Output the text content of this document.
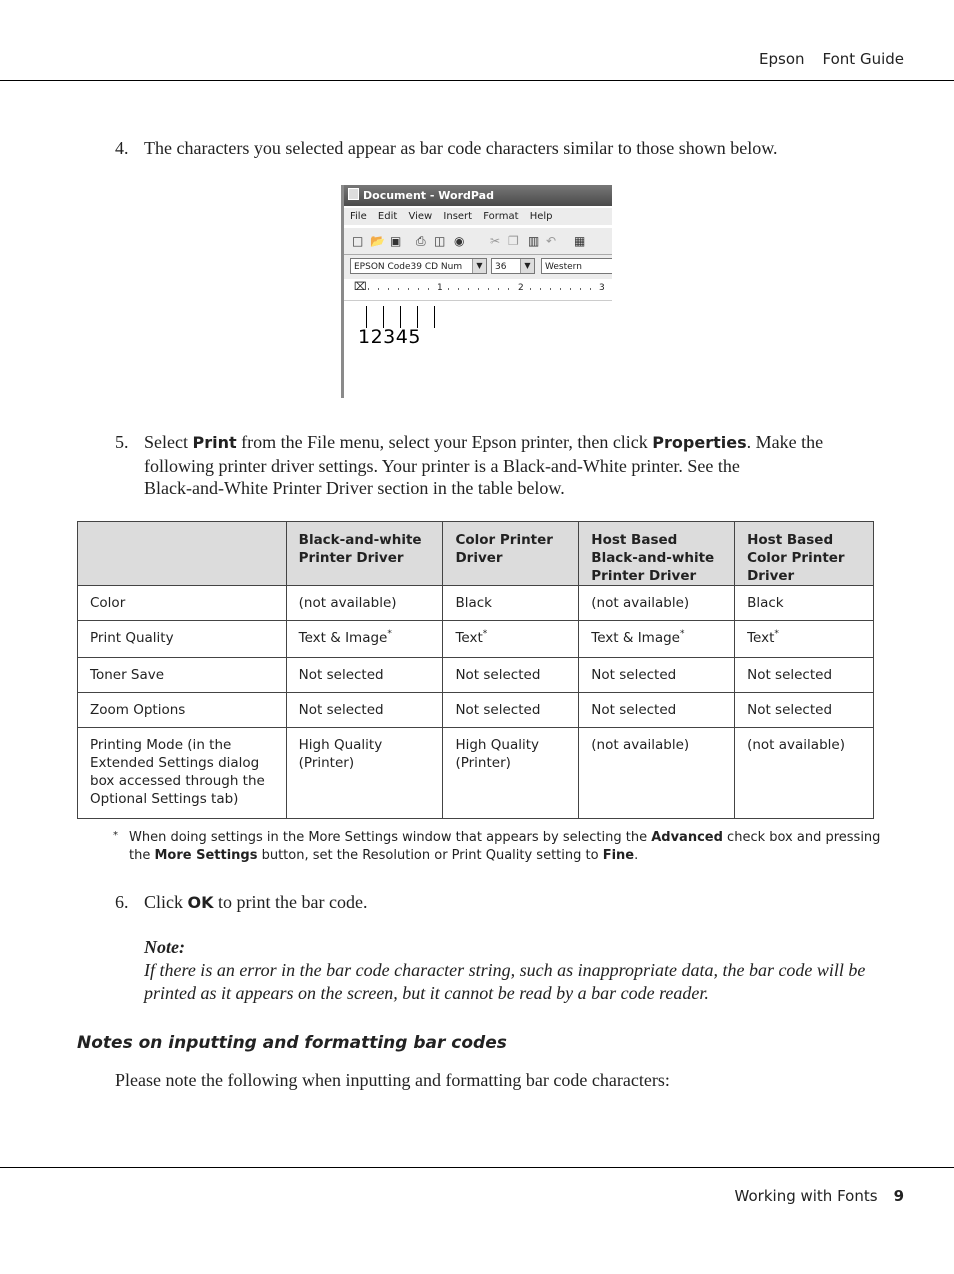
Epson Font Guide
4. The characters you selected appear as bar code characters similar to those shown below.
Document - WordPad
File Edit View Insert Format Help
□ 📂 ▣ ⎙ ◫ ◉ ✂ ❐ ▥ ↶ ▦
EPSON Code39 CD Num	▼	36	▼	Western
⌧	1	2	3
12345
5. Select Print from the File menu, select your Epson printer, then click Properties. Make the
following printer driver settings. Your printer is a Black-and-White printer. See the
Black-and-White Printer Driver section in the table below.
	Black-and-white Printer Driver	Color Printer Driver	Host Based Black-and-white Printer Driver	Host Based Color Printer Driver
Color	(not available)	Black	(not available)	Black
Print Quality	Text & Image*	Text*	Text & Image*	Text*
Toner Save	Not selected	Not selected	Not selected	Not selected
Zoom Options	Not selected	Not selected	Not selected	Not selected
Printing Mode (in the Extended Settings dialog box accessed through the Optional Settings tab)	High Quality (Printer)	High Quality (Printer)	(not available)	(not available)
* When doing settings in the More Settings window that appears by selecting the Advanced check box and pressing the More Settings button, set the Resolution or Print Quality setting to Fine.
6. Click OK to print the bar code.
Note:
If there is an error in the bar code character string, such as inappropriate data, the bar code will be printed as it appears on the screen, but it cannot be read by a bar code reader.
Notes on inputting and formatting bar codes
Please note the following when inputting and formatting bar code characters:
Working with Fonts 9
